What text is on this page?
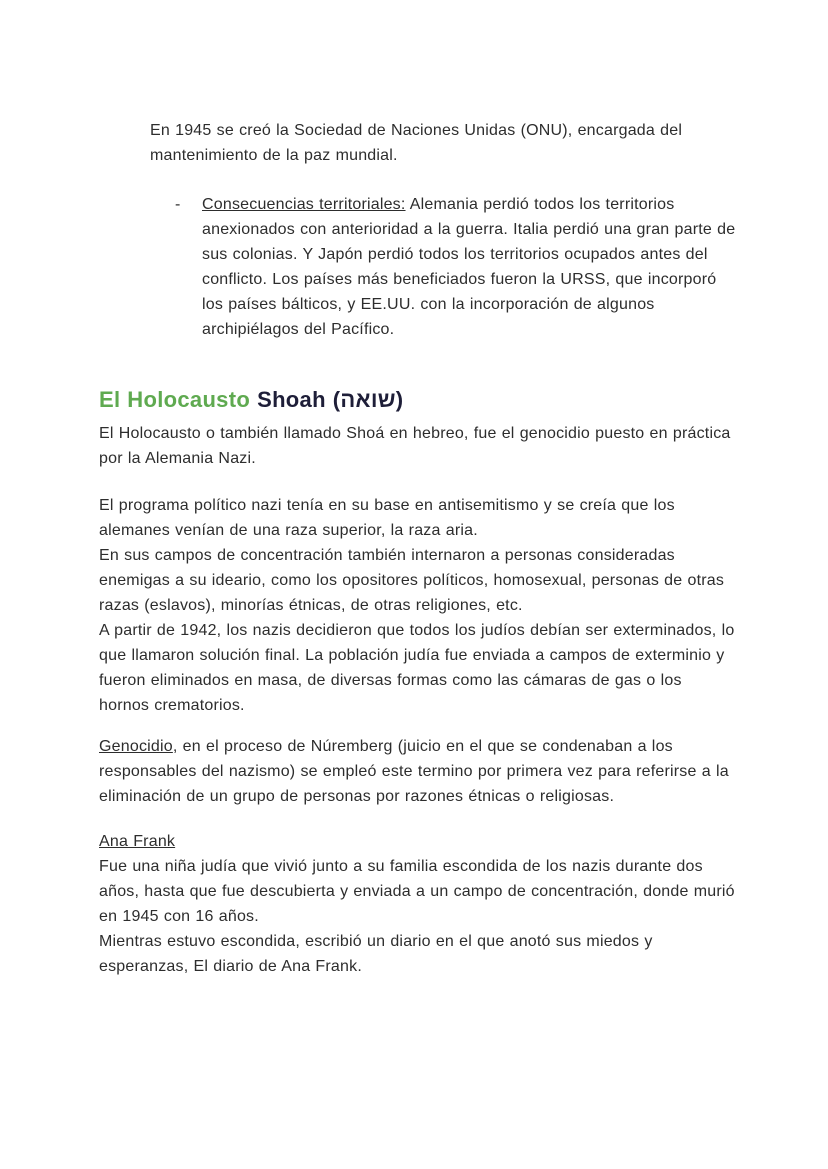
En 1945 se creó la Sociedad de Naciones Unidas (ONU), encargada del mantenimiento de la paz mundial.

-	Consecuencias territoriales: Alemania perdió todos los territorios anexionados con anterioridad a la guerra. Italia perdió una gran parte de sus colonias. Y Japón perdió todos los territorios ocupados antes del conflicto. Los países más beneficiados fueron la URSS, que incorporó los países bálticos, y EE.UU. con la incorporación de algunos archipiélagos del Pacífico.

El Holocausto Shoah (שואה)

El Holocausto o también llamado Shoá en hebreo, fue el genocidio puesto en práctica por la Alemania Nazi.

El programa político nazi tenía en su base en antisemitismo y se creía que los alemanes venían de una raza superior, la raza aria.

En sus campos de concentración también internaron a personas consideradas enemigas a su ideario, como los opositores políticos, homosexual, personas de otras razas (eslavos), minorías étnicas, de otras religiones, etc.

A partir de 1942, los nazis decidieron que todos los judíos debían ser exterminados, lo que llamaron solución final. La población judía fue enviada a campos de exterminio y fueron eliminados en masa, de diversas formas como las cámaras de gas o los hornos crematorios.

Genocidio, en el proceso de Núremberg (juicio en el que se condenaban a los responsables del nazismo) se empleó este termino por primera vez para referirse a la eliminación de un grupo de personas por razones étnicas o religiosas.

Ana Frank

Fue una niña judía que vivió junto a su familia escondida de los nazis durante dos años, hasta que fue descubierta y enviada a un campo de concentración, donde murió en 1945 con 16 años.

Mientras estuvo escondida, escribió un diario en el que anotó sus miedos y esperanzas, El diario de Ana Frank.
